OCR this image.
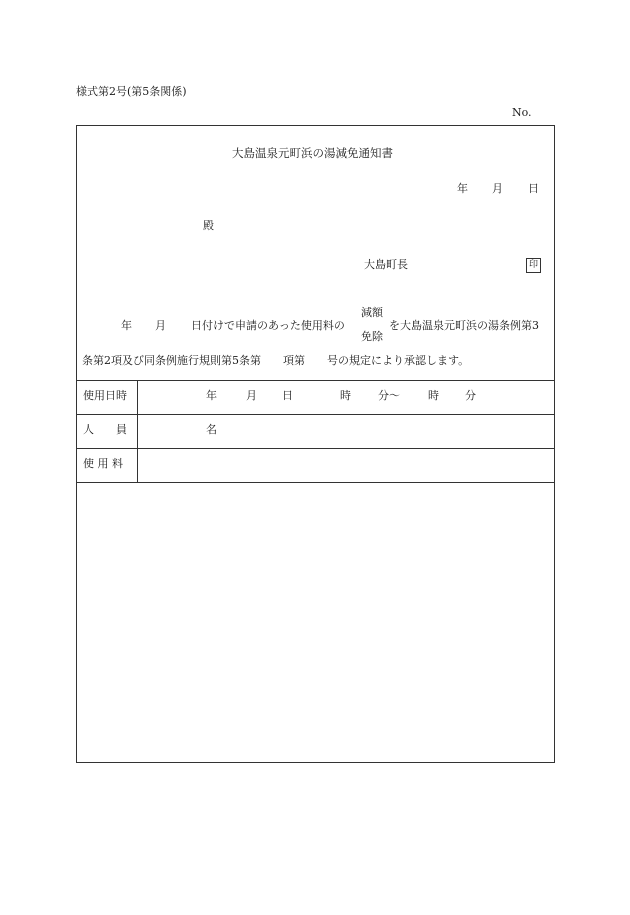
様式第2号(第5条関係)
No.
大島温泉元町浜の湯減免通知書
年 月 日
殿
大島町長	印
年 月 日付けで申請のあった使用料の
減額
免除
を大島温泉元町浜の湯条例第3
条第2項及び同条例施行規則第5条第　　項第　　号の規定により承認します。
使用日時	年	月 日	時 分～	時 分
人　　員	名
使 用 料
